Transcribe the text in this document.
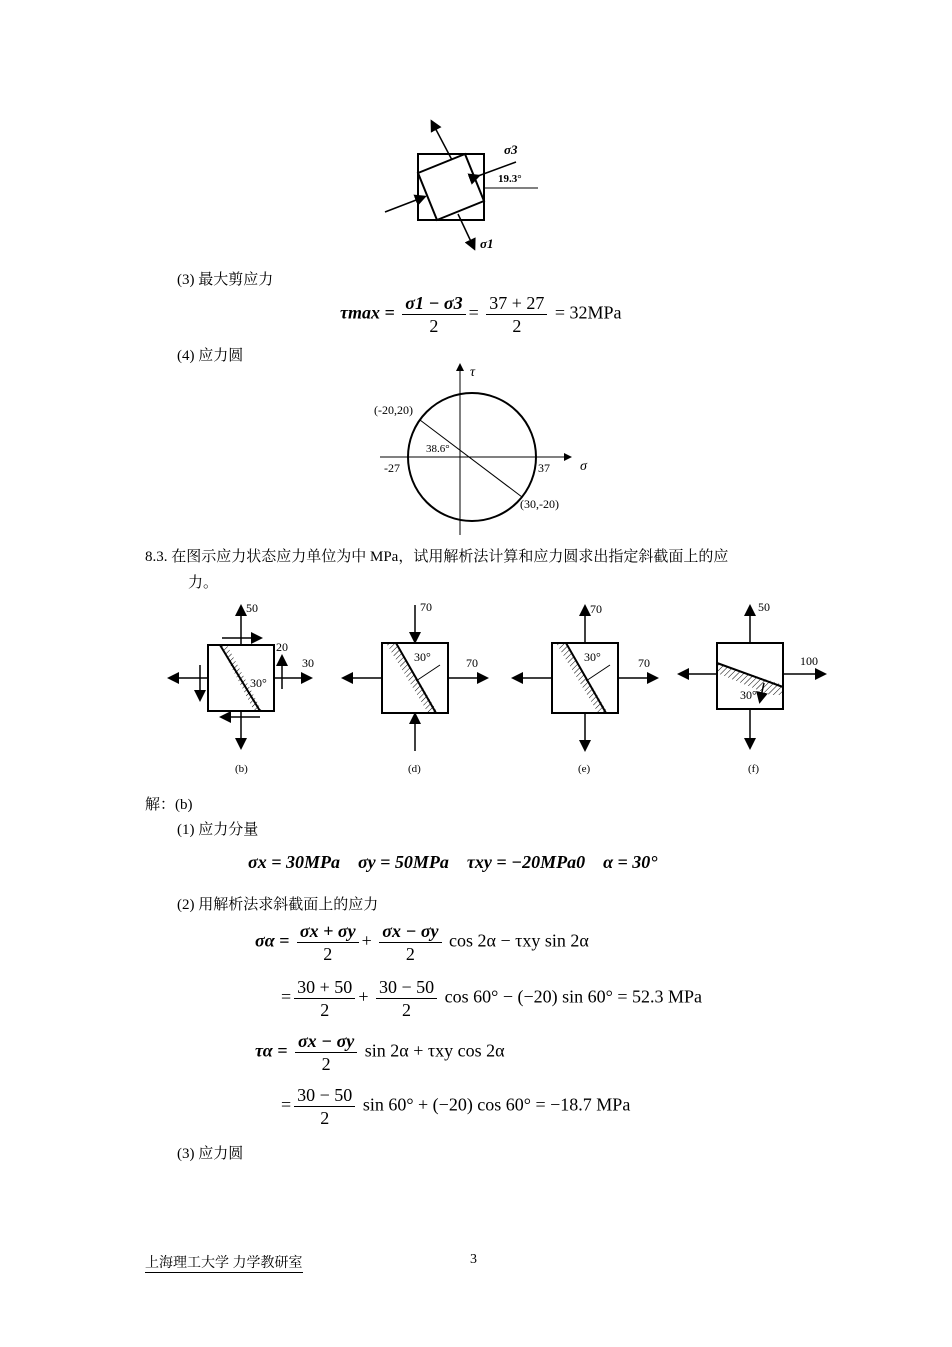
σ3
19.3°
σ1
(3) 最大剪应力
$\tau\max = \frac{\sigma 1 - \sigma 3}{2} = \frac{37 + 27}{2} = 32MPa$
(4) 应力圆
τ
σ
(-20,20)
(30,-20)
38.6°
-27	37
8.3. 在图示应力状态应力单位为中 MPa，试用解析法计算和应力圆求出指定斜截面上的应
力。
50
20
30
30°
(b)
70
70
30°
(d)
70
70
30°
(e)
50
100
30°
(f)
解：(b)
(1) 应力分量
σx = 30MPa σy = 50MPa τxy = −20MPa0 α = 30°
(2) 用解析法求斜截面上的应力
$\sigma\alpha = \frac{\sigma x + \sigma y}{2} + \frac{\sigma x - \sigma y}{2}$ cos 2α − τxy sin 2α
= $\frac{30 + 50}{2} + \frac{30 - 50}{2}$ cos 60° − (−20) sin 60° = 52.3 MPa
$\tau\alpha = \frac{\sigma x - \sigma y}{2}$ sin 2α + τxy cos 2α
= $\frac{30 - 50}{2}$ sin 60° + (−20) cos 60° = −18.7 MPa
(3) 应力圆
上海理工大学 力学教研室	3
